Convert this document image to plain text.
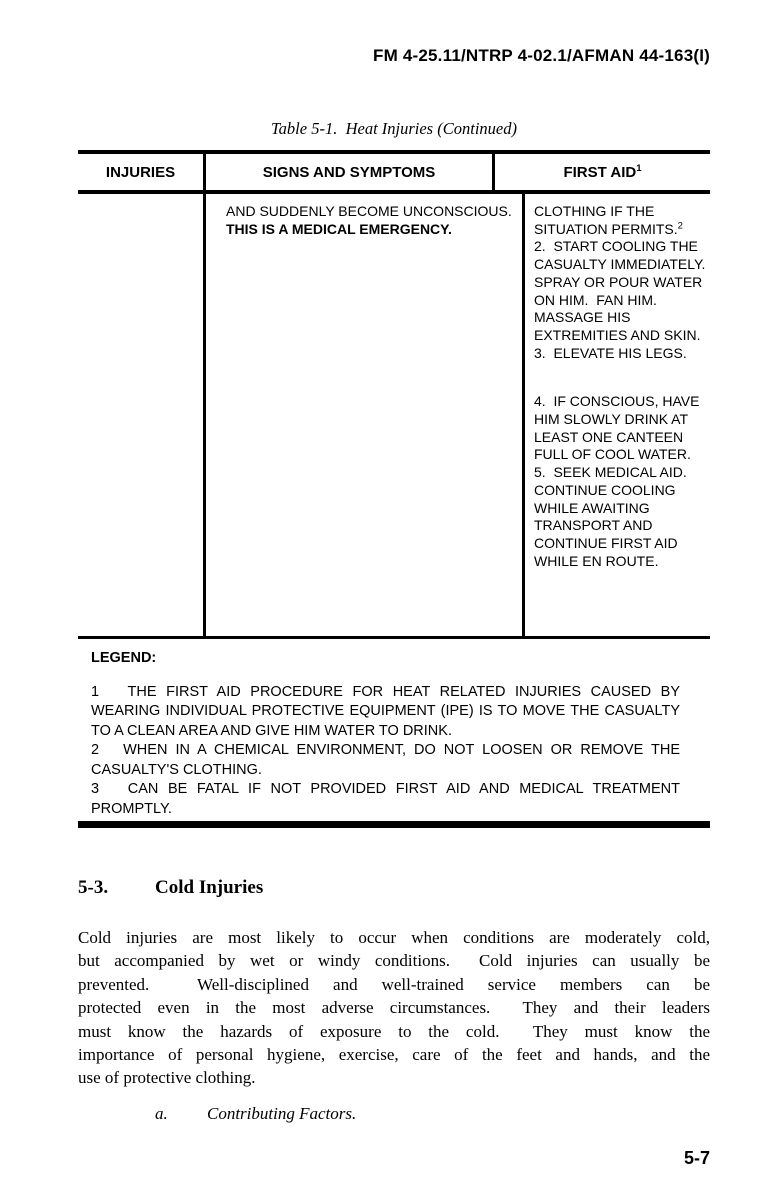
FM 4-25.11/NTRP 4-02.1/AFMAN 44-163(I)
Table 5-1.  Heat Injuries (Continued)
INJURIES	SIGNS AND SYMPTOMS	FIRST AID$^1$

AND SUDDENLY BECOME UNCONSCIOUS. THIS IS A MEDICAL EMERGENCY.

CLOTHING IF THE SITUATION PERMITS.$^2$

2.  START COOLING THE CASUALTY IMMEDIATELY. SPRAY OR POUR WATER ON HIM.  FAN HIM. MASSAGE HIS EXTREMITIES AND SKIN.

3.  ELEVATE HIS LEGS.

4.  IF CONSCIOUS, HAVE HIM SLOWLY DRINK AT LEAST ONE CANTEEN FULL OF COOL WATER.

5.  SEEK MEDICAL AID. CONTINUE COOLING WHILE AWAITING TRANSPORT AND CONTINUE FIRST AID WHILE EN ROUTE.

LEGEND:

1   THE FIRST AID PROCEDURE FOR HEAT RELATED INJURIES CAUSED BY WEARING INDIVIDUAL PROTECTIVE EQUIPMENT (IPE) IS TO MOVE THE CASUALTY TO A CLEAN AREA AND GIVE HIM WATER TO DRINK.

2   WHEN IN A CHEMICAL ENVIRONMENT, DO NOT LOOSEN OR REMOVE THE CASUALTY'S CLOTHING.

3   CAN BE FATAL IF NOT PROVIDED FIRST AID AND MEDICAL TREATMENT PROMPTLY.

5-3. Cold Injuries
Cold injuries are most likely to occur when conditions are moderately cold,
but accompanied by wet or windy conditions.  Cold injuries can usually be
prevented.  Well-disciplined and well-trained service members can be
protected even in the most adverse circumstances.  They and their leaders
must know the hazards of exposure to the cold.  They must know the
importance of personal hygiene, exercise, care of the feet and hands, and the
use of protective clothing.
a. Contributing Factors.
5-7
